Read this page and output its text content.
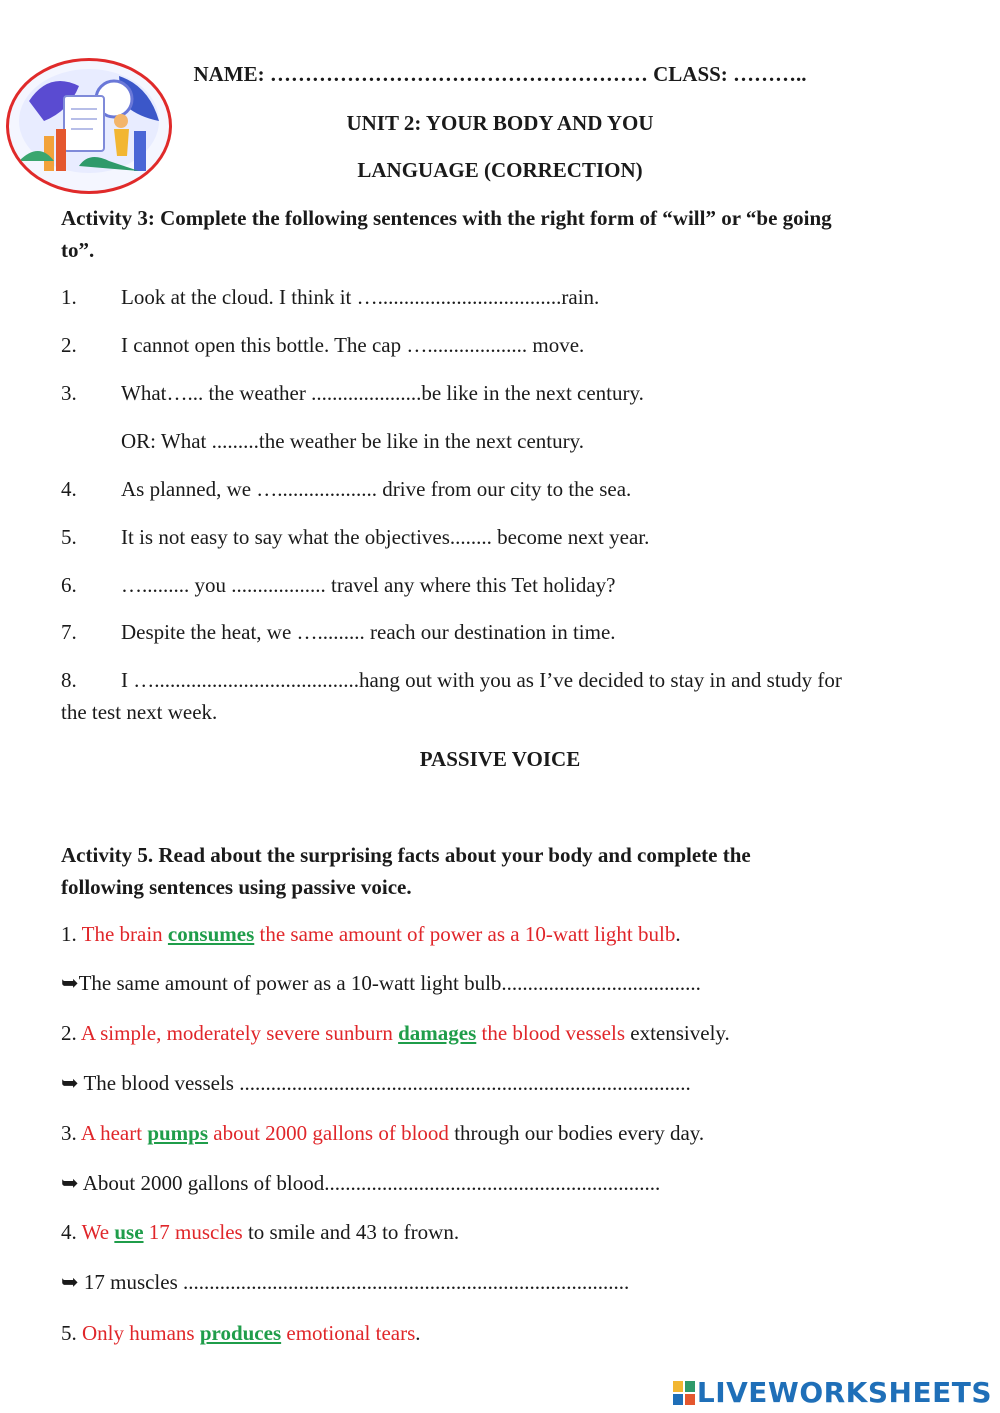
NAME: ……………………………………………… CLASS: ………..
UNIT 2: YOUR BODY AND YOU
LANGUAGE (CORRECTION)
Activity 3: Complete the following sentences with the right form of “will” or “be going
to”.
1. Look at the cloud. I think it …...................................rain.
2. I cannot open this bottle. The cap …................... move.
3. What…... the weather .....................be like in the next century.
OR: What .........the weather be like in the next century.
4. As planned, we …................... drive from our city to the sea.
5. It is not easy to say what the objectives........ become next year.
6. …......... you .................. travel any where this Tet holiday?
7. Despite the heat, we …......... reach our destination in time.
8. I ….......................................hang out with you as I’ve decided to stay in and study for
the test next week.
PASSIVE VOICE
Activity 5. Read about the surprising facts about your body and complete the
following sentences using passive voice.
1. The brain consumes the same amount of power as a 10-watt light bulb.
➥The same amount of power as a 10-watt light bulb......................................
2. A simple, moderately severe sunburn damages the blood vessels extensively.
➥ The blood vessels ......................................................................................
3. A heart pumps about 2000 gallons of blood through our bodies every day.
➥ About 2000 gallons of blood................................................................
4. We use 17 muscles to smile and 43 to frown.
➥ 17 muscles .....................................................................................
5. Only humans produces emotional tears.
LIVEWORKSHEETS
